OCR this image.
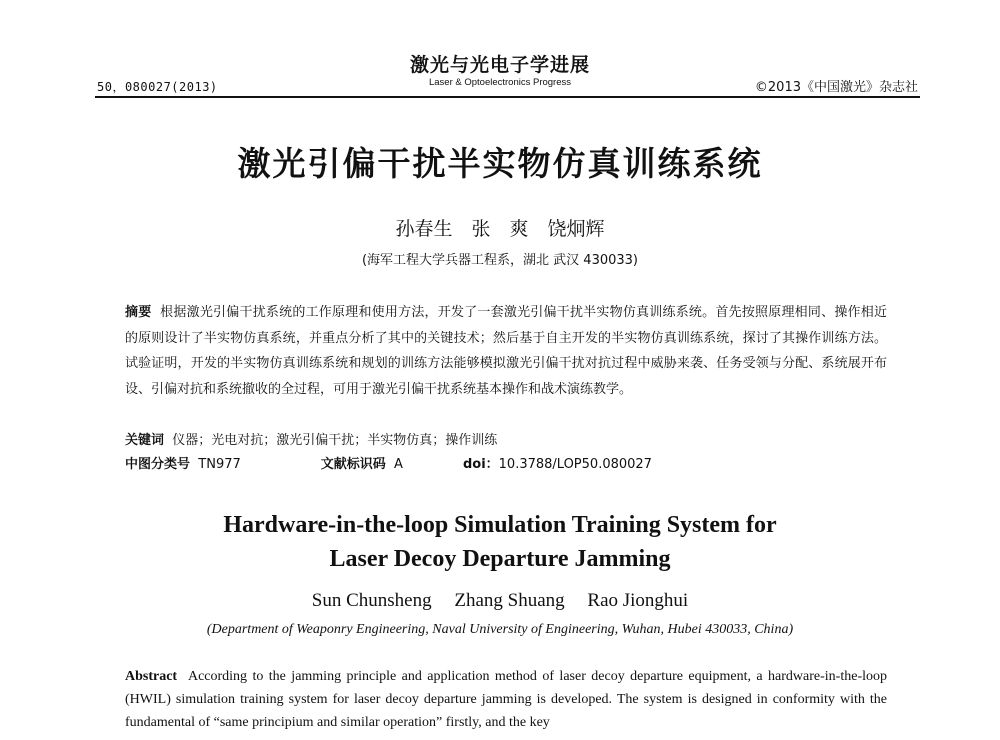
50，080027(2013)
激光与光电子学进展
Laser & Optoelectronics Progress	©2013《中国激光》杂志社
激光引偏干扰半实物仿真训练系统
孙春生　张　爽　饶炯辉
(海军工程大学兵器工程系，湖北 武汉 430033)
摘要 根据激光引偏干扰系统的工作原理和使用方法，开发了一套激光引偏干扰半实物仿真训练系统。首先按照原理相同、操作相近的原则设计了半实物仿真系统，并重点分析了其中的关键技术；然后基于自主开发的半实物仿真训练系统，探讨了其操作训练方法。试验证明，开发的半实物仿真训练系统和规划的训练方法能够模拟激光引偏干扰对抗过程中威胁来袭、任务受领与分配、系统展开布设、引偏对抗和系统撤收的全过程，可用于激光引偏干扰系统基本操作和战术演练教学。
关键词 仪器；光电对抗；激光引偏干扰；半实物仿真；操作训练
中图分类号 TN977	文献标识码 A	doi：10.3788/LOP50.080027
Hardware-in-the-loop Simulation Training System for
Laser Decoy Departure Jamming
Sun Chunsheng Zhang Shuang Rao Jionghui
(Department of Weaponry Engineering, Naval University of Engineering, Wuhan, Hubei 430033, China)
Abstract According to the jamming principle and application method of laser decoy departure equipment, a hardware-in-the-loop (HWIL) simulation training system for laser decoy departure jamming is developed. The system is designed in conformity with the fundamental of “same principium and similar operation” firstly, and the key
